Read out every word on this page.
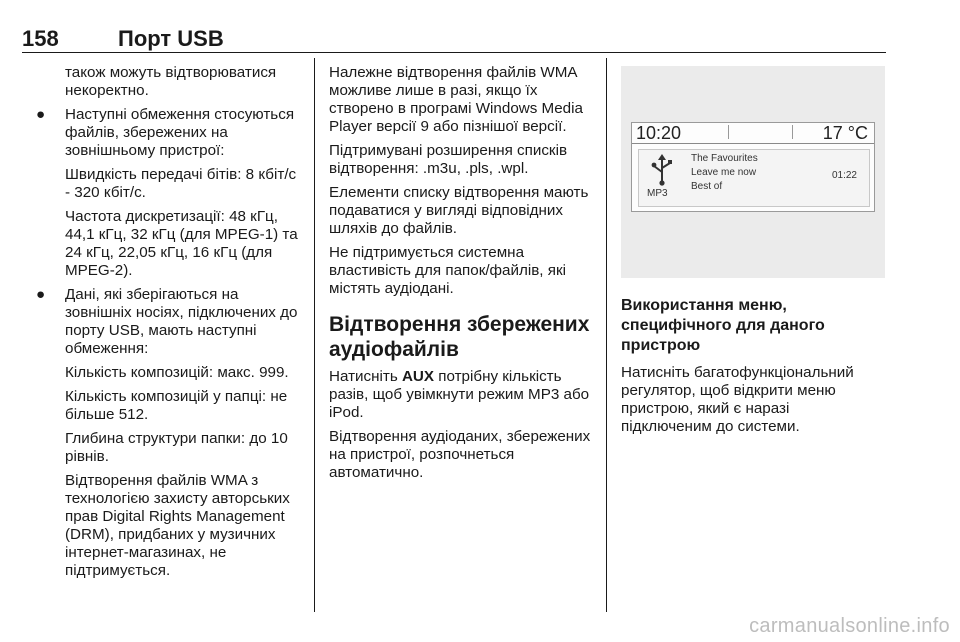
158	Порт USB

також можуть відтворюватися некоректно.

● Наступні обмеження стосуються файлів, збережених на зовнішньому пристрої:

Швидкість передачі бітів: 8 кбіт/с - 320 кбіт/с.

Частота дискретизації: 48 кГц, 44,1 кГц, 32 кГц (для MPEG-1) та 24 кГц, 22,05 кГц, 16 кГц (для MPEG-2).

● Дані, які зберігаються на зовнішніх носіях, підключених до порту USB, мають наступні обмеження:

Кількість композицій: макс. 999.

Кількість композицій у папці: не більше 512.

Глибина структури папки: до 10 рівнів.

Відтворення файлів WMA з технологією захисту авторських прав Digital Rights Management (DRM), придбаних у музичних інтернет-магазинах, не підтримується.

Належне відтворення файлів WMA можливе лише в разі, якщо їх створено в програмі Windows Media Player версії 9 або пізнішої версії.

Підтримувані розширення списків відтворення: .m3u, .pls, .wpl.

Елементи списку відтворення мають подаватися у вигляді відповідних шляхів до файлів.

Не підтримується системна властивість для папок/файлів, які містять аудіодані.

Відтворення збережених аудіофайлів

Натисніть AUX потрібну кількість разів, щоб увімкнути режим MP3 або iPod.

Відтворення аудіоданих, збережених на пристрої, розпочнеться автоматично.

10:20	17 °C
MP3
The Favourites
Leave me now
Best of
01:22
Використання меню, специфічного для даного пристрою

Натисніть багатофункціональний регулятор, щоб відкрити меню пристрою, який є наразі підключеним до системи.

carmanualsonline.info
